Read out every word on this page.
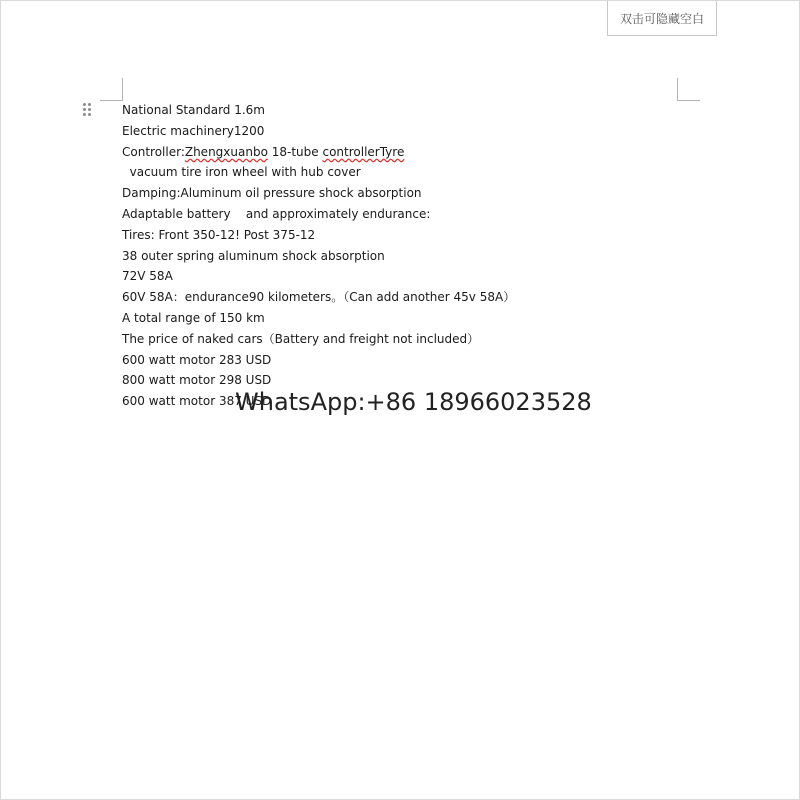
双击可隐藏空白
National Standard 1.6m
Electric machinery1200
Controller:Zhengxuanbo 18-tube controllerTyre
vacuum tire iron wheel with hub cover
Damping:Aluminum oil pressure shock absorption
Adaptable battery    and approximately endurance:
Tires: Front 350-12! Post 375-12
38 outer spring aluminum shock absorption
72V 58A
60V 58A：endurance90 kilometers。（Can add another 45v 58A）
A total range of 150 km
The price of naked cars（Battery and freight not included）
600 watt motor 283 USD
800 watt motor 298 USD
600 watt motor 387 USD
WhatsApp:+86 18966023528
